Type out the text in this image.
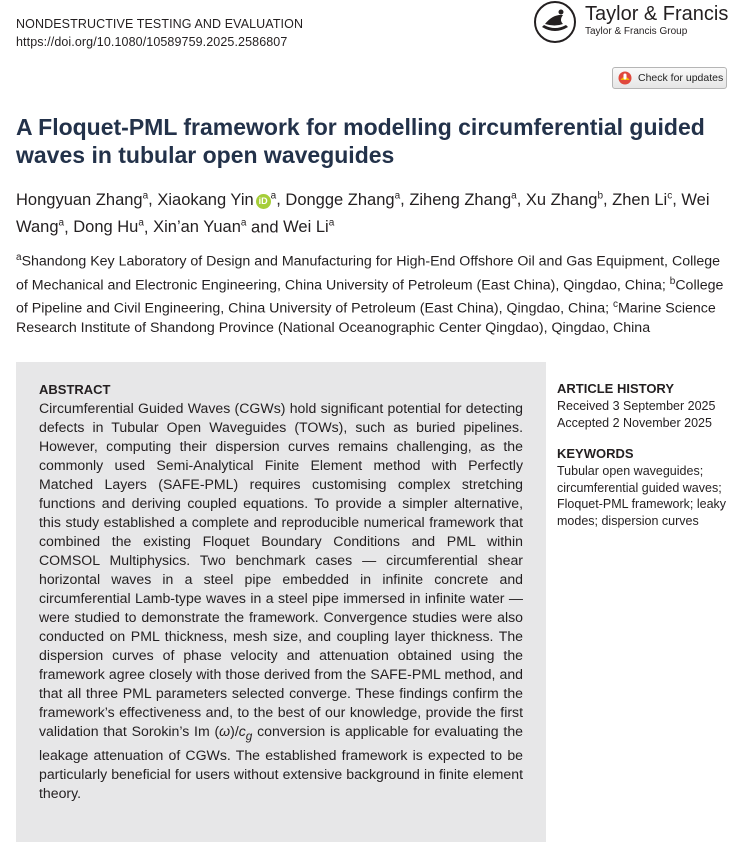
NONDESTRUCTIVE TESTING AND EVALUATION
https://doi.org/10.1080/10589759.2025.2586807
Taylor & Francis
Taylor & Francis Group
Check for updates
A Floquet-PML framework for modelling circumferential guided waves in tubular open waveguides
Hongyuan Zhang$^a$, Xiaokang Yin iD $^a$, Dongge Zhang$^a$, Ziheng Zhang$^a$, Xu Zhang$^b$, Zhen Li$^c$, Wei Wang$^a$, Dong Hu$^a$, Xin’an Yuan$^a$ and Wei Li$^a$
$^a$Shandong Key Laboratory of Design and Manufacturing for High-End Offshore Oil and Gas Equipment, College of Mechanical and Electronic Engineering, China University of Petroleum (East China), Qingdao, China; $^b$College of Pipeline and Civil Engineering, China University of Petroleum (East China), Qingdao, China; $^c$Marine Science Research Institute of Shandong Province (National Oceanographic Center Qingdao), Qingdao, China
ABSTRACT
Circumferential Guided Waves (CGWs) hold significant potential for detecting defects in Tubular Open Waveguides (TOWs), such as buried pipelines. However, computing their dispersion curves remains challenging, as the commonly used Semi-Analytical Finite Element method with Perfectly Matched Layers (SAFE-PML) requires customising complex stretching functions and deriving coupled equations. To provide a simpler alternative, this study established a complete and reproducible numerical framework that combined the existing Floquet Boundary Conditions and PML within COMSOL Multiphysics. Two benchmark cases — circumferential shear horizontal waves in a steel pipe embedded in infinite concrete and circumferential Lamb-type waves in a steel pipe immersed in infinite water — were studied to demonstrate the framework. Convergence studies were also conducted on PML thickness, mesh size, and coupling layer thickness. The dispersion curves of phase velocity and attenuation obtained using the framework agree closely with those derived from the SAFE-PML method, and that all three PML parameters selected converge. These findings confirm the framework’s effectiveness and, to the best of our knowledge, provide the first validation that Sorokin’s Im $(\omega)/c_g$ conversion is applicable for evaluating the leakage attenuation of CGWs. The established framework is expected to be particularly beneficial for users without extensive background in finite element theory.
ARTICLE HISTORY
Received 3 September 2025
Accepted 2 November 2025
KEYWORDS
Tubular open waveguides; circumferential guided waves; Floquet-PML framework; leaky modes; dispersion curves
